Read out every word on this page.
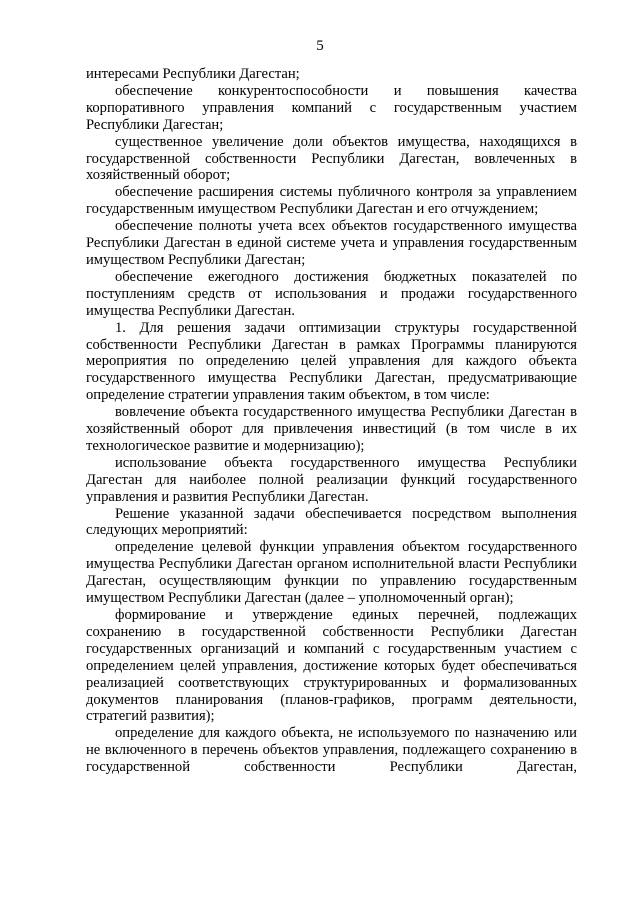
5

интересами Республики Дагестан;

обеспечение конкурентоспособности и повышения качества корпоративного управления компаний с государственным участием Республики Дагестан;

существенное увеличение доли объектов имущества, находящихся в государственной собственности Республики Дагестан, вовлеченных в хозяйственный оборот;

обеспечение расширения системы публичного контроля за управлением государственным имуществом Республики Дагестан и его отчуждением;

обеспечение полноты учета всех объектов государственного имущества Республики Дагестан в единой системе учета и управления государственным имуществом Республики Дагестан;

обеспечение ежегодного достижения бюджетных показателей по поступлениям средств от использования и продажи государственного имущества Республики Дагестан.

1. Для решения задачи оптимизации структуры государственной собственности Республики Дагестан в рамках Программы планируются мероприятия по определению целей управления для каждого объекта государственного имущества Республики Дагестан, предусматривающие определение стратегии управления таким объектом, в том числе:

вовлечение объекта государственного имущества Республики Дагестан в хозяйственный оборот для привлечения инвестиций (в том числе в их технологическое развитие и модернизацию);

использование объекта государственного имущества Республики Дагестан для наиболее полной реализации функций государственного управления и развития Республики Дагестан.

Решение указанной задачи обеспечивается посредством выполнения следующих мероприятий:

определение целевой функции управления объектом государственного имущества Республики Дагестан органом исполнительной власти Республики Дагестан, осуществляющим функции по управлению государственным имуществом Республики Дагестан (далее – уполномоченный орган);

формирование и утверждение единых перечней, подлежащих сохранению в государственной собственности Республики Дагестан государственных организаций и компаний с государственным участием с определением целей управления, достижение которых будет обеспечиваться реализацией соответствующих структурированных и формализованных документов планирования (планов-графиков, программ деятельности, стратегий развития);

определение для каждого объекта, не используемого по назначению или не включенного в перечень объектов управления, подлежащего сохранению в государственной собственности Республики Дагестан,
